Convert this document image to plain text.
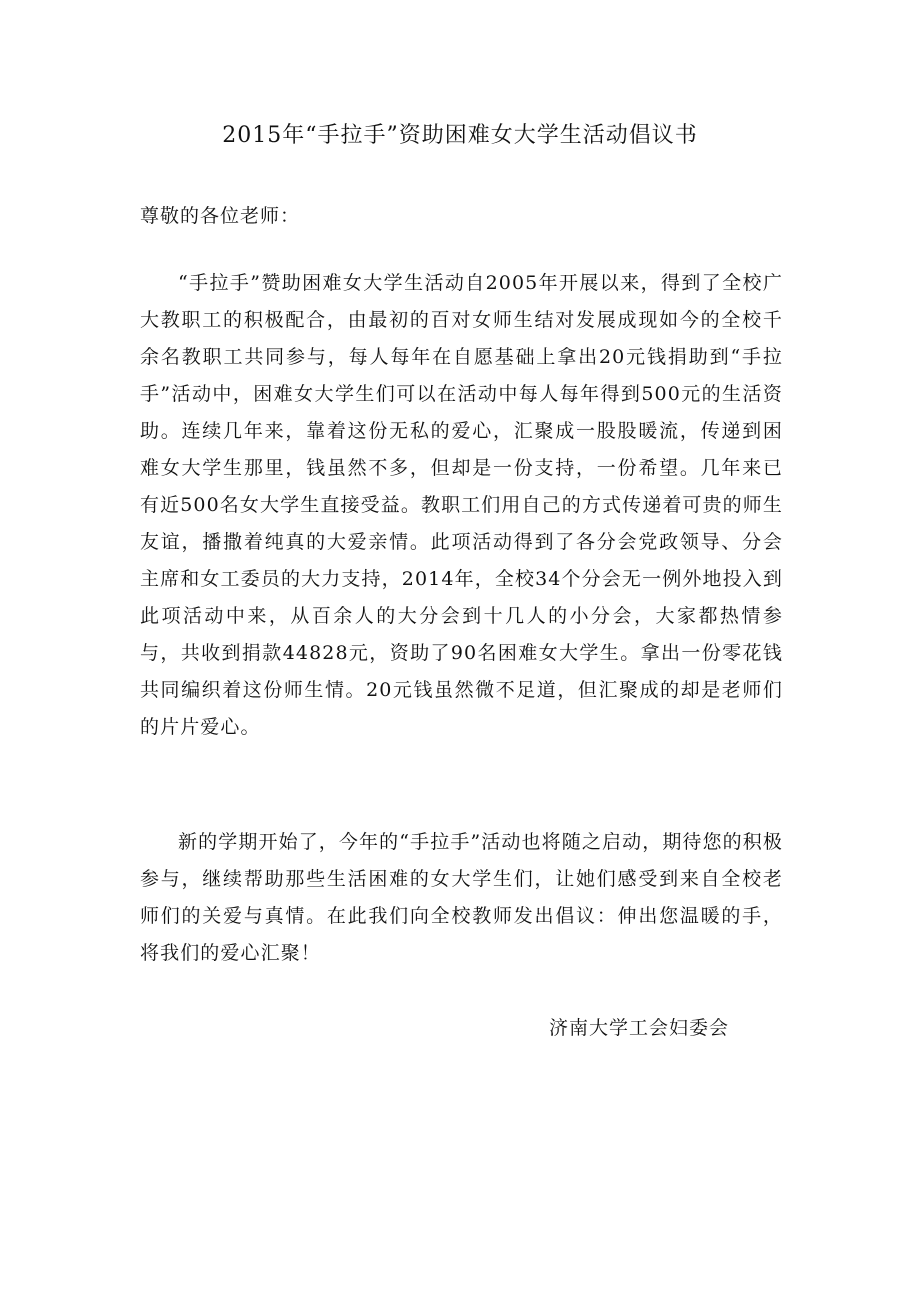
2015年“手拉手”资助困难女大学生活动倡议书
尊敬的各位老师：

“手拉手”赞助困难女大学生活动自2005年开展以来，得到了全校广大教职工的积极配合，由最初的百对女师生结对发展成现如今的全校千余名教职工共同参与，每人每年在自愿基础上拿出20元钱捐助到“手拉手”活动中，困难女大学生们可以在活动中每人每年得到500元的生活资助。连续几年来，靠着这份无私的爱心，汇聚成一股股暖流，传递到困难女大学生那里，钱虽然不多，但却是一份支持，一份希望。几年来已有近500名女大学生直接受益。教职工们用自己的方式传递着可贵的师生友谊，播撒着纯真的大爱亲情。此项活动得到了各分会党政领导、分会主席和女工委员的大力支持，2014年，全校34个分会无一例外地投入到此项活动中来，从百余人的大分会到十几人的小分会，大家都热情参与，共收到捐款44828元，资助了90名困难女大学生。拿出一份零花钱共同编织着这份师生情。20元钱虽然微不足道，但汇聚成的却是老师们的片片爱心。

新的学期开始了，今年的“手拉手”活动也将随之启动，期待您的积极参与，继续帮助那些生活困难的女大学生们，让她们感受到来自全校老师们的关爱与真情。在此我们向全校教师发出倡议：伸出您温暖的手，将我们的爱心汇聚！

济南大学工会妇委会
